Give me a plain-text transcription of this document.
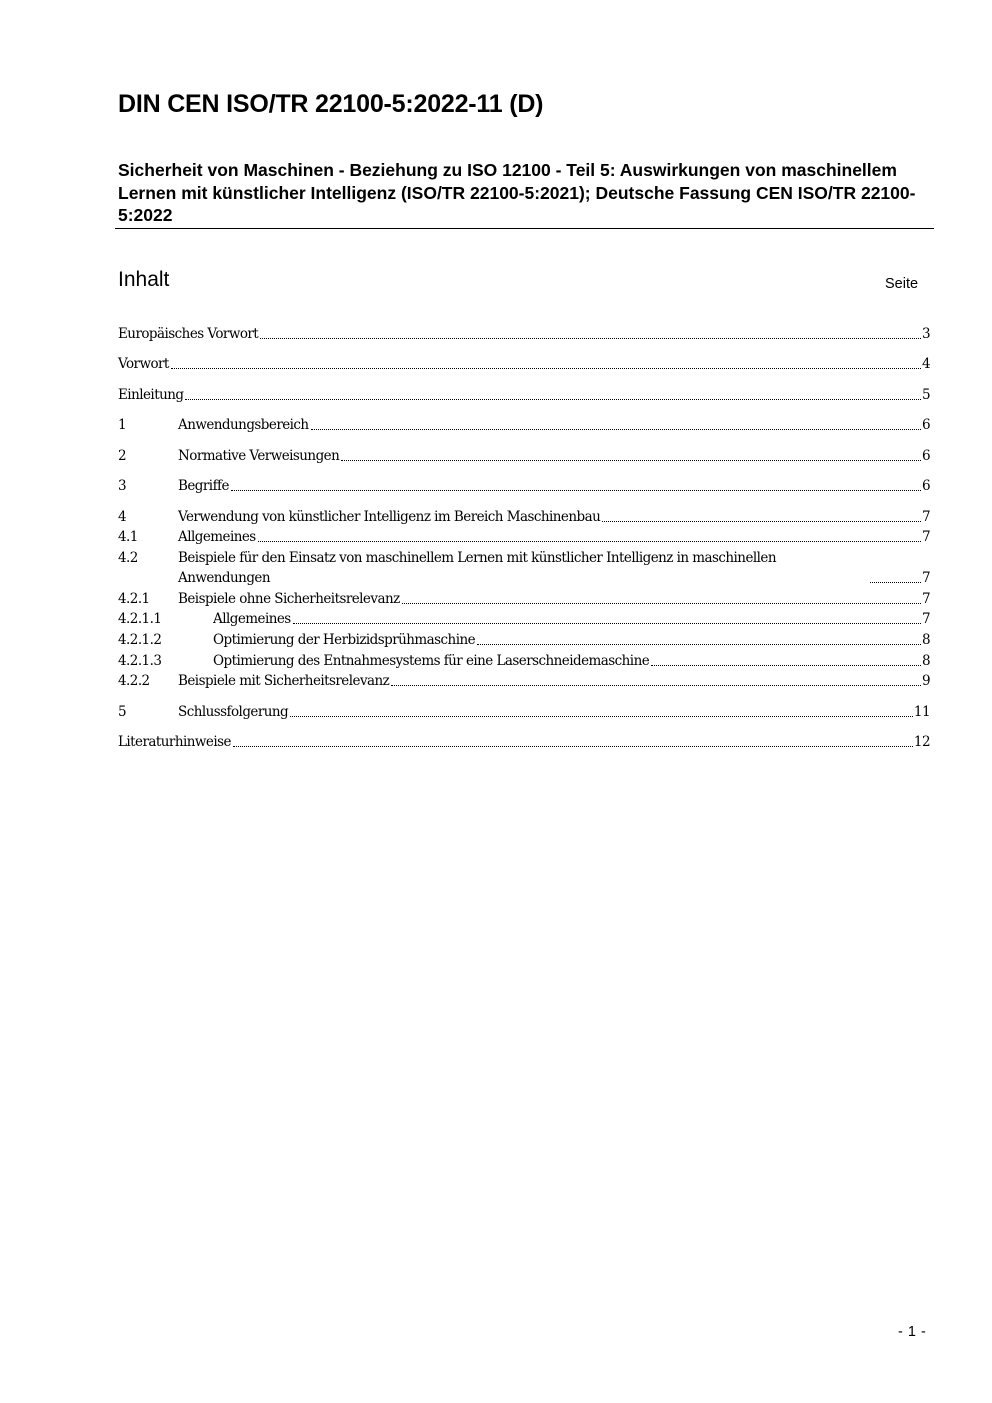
DIN CEN ISO/TR 22100-5:2022-11 (D)
Sicherheit von Maschinen - Beziehung zu ISO 12100 - Teil 5: Auswirkungen von maschinellem Lernen mit künstlicher Intelligenz (ISO/TR 22100-5:2021); Deutsche Fassung CEN ISO/TR 22100-5:2022
Inhalt	Seite
Europäisches Vorwort	3
Vorwort	4
Einleitung	5
1	Anwendungsbereich	6
2	Normative Verweisungen	6
3	Begriffe	6
4	Verwendung von künstlicher Intelligenz im Bereich Maschinenbau	7
4.1	Allgemeines	7
4.2	Beispiele für den Einsatz von maschinellem Lernen mit künstlicher Intelligenz in maschinellen Anwendungen	7
4.2.1	Beispiele ohne Sicherheitsrelevanz	7
4.2.1.1	Allgemeines	7
4.2.1.2	Optimierung der Herbizidsprühmaschine	8
4.2.1.3	Optimierung des Entnahmesystems für eine Laserschneidemaschine	8
4.2.2	Beispiele mit Sicherheitsrelevanz	9
5	Schlussfolgerung	11
Literaturhinweise	12
- 1 -
